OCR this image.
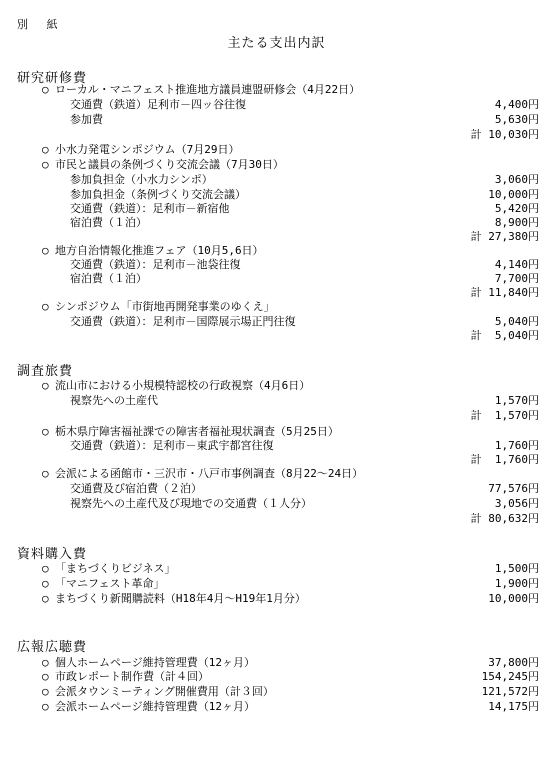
別 紙
主たる支出内訳
研究研修費
○ ローカル・マニフェスト推進地方議員連盟研修会（4月22日）
交通費（鉄道）足利市－四ッ谷往復	4,400円
参加費	5,630円
計 10,030円
○ 小水力発電シンポジウム（7月29日）
○ 市民と議員の条例づくり交流会議（7月30日）
参加負担金（小水力シンポ）	3,060円
参加負担金（条例づくり交流会議）	10,000円
交通費（鉄道）：足利市－新宿他	5,420円
宿泊費（１泊）	8,900円
計 27,380円
○ 地方自治情報化推進フェア（10月5,6日）
交通費（鉄道）：足利市－池袋往復	4,140円
宿泊費（１泊）	7,700円
計 11,840円
○ シンポジウム「市街地再開発事業のゆくえ」
交通費（鉄道）：足利市－国際展示場正門往復	5,040円
計  5,040円
調査旅費
○ 流山市における小規模特認校の行政視察（4月6日）
視察先への土産代	1,570円
計  1,570円
○ 栃木県庁障害福祉課での障害者福祉現状調査（5月25日）
交通費（鉄道）：足利市－東武宇都宮往復	1,760円
計  1,760円
○ 会派による函館市・三沢市・八戸市事例調査（8月22～24日）
交通費及び宿泊費（２泊）	77,576円
視察先への土産代及び現地での交通費（１人分）	3,056円
計 80,632円
資料購入費
○ 「まちづくりビジネス」	1,500円
○ 「マニフェスト革命」	1,900円
○ まちづくり新聞購読料（H18年4月～H19年1月分）	10,000円
広報広聴費
○ 個人ホームページ維持管理費（12ヶ月）	37,800円
○ 市政レポート制作費（計４回）	154,245円
○ 会派タウンミーティング開催費用（計３回）	121,572円
○ 会派ホームページ維持管理費（12ヶ月）	14,175円
